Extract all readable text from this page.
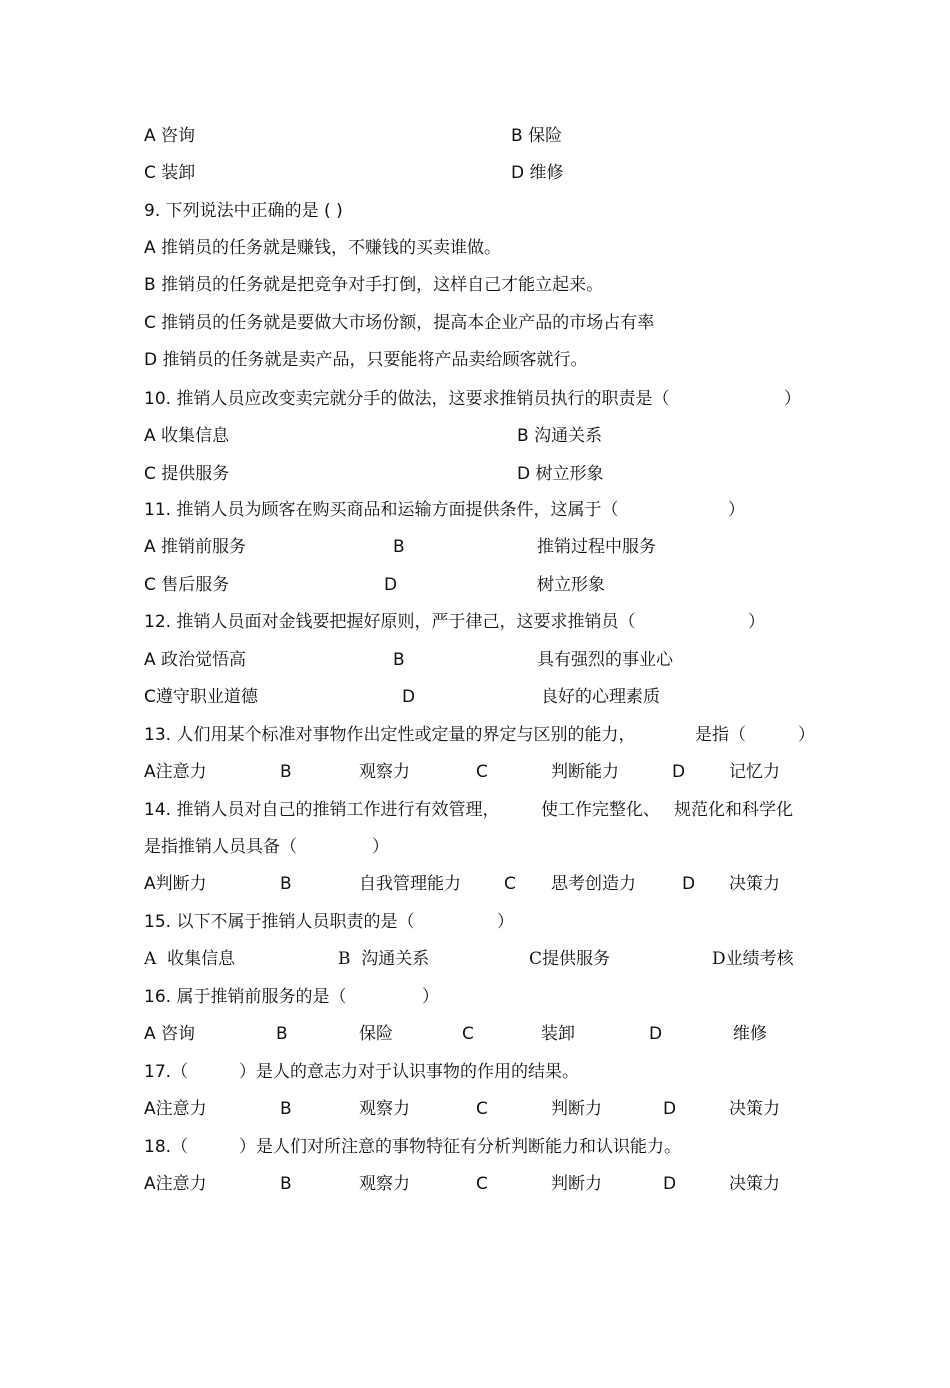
A 咨询

	B 保险

C 装卸

	D 维修

9. 下列说法中正确的是 ( )

A 推销员的任务就是赚钱，不赚钱的买卖谁做。

B 推销员的任务就是把竞争对手打倒，这样自己才能立起来。

C 推销员的任务就是要做大市场份额，提高本企业产品的市场占有率

D 推销员的任务就是卖产品，只要能将产品卖给顾客就行。

10. 推销人员应改变卖完就分手的做法，这要求推销员执行的职责是（

	）

A 收集信息

	B 沟通关系

C 提供服务

	D 树立形象

11. 推销人员为顾客在购买商品和运输方面提供条件，这属于（

	）

A 推销前服务

	B

	推销过程中服务

C 售后服务

	D

	树立形象

12. 推销人员面对金钱要把握好原则，严于律己，这要求推销员（

	）

A 政治觉悟高

	B

	具有强烈的事业心

C遵守职业道德

	D

	良好的心理素质

13. 人们用某个标准对事物作出定性或定量的界定与区别的能力，

	是指（

	）

A注意力

	B

	观察力

	C

	判断能力

	D

	记忆力

14. 推销人员对自己的推销工作进行有效管理，

使工作完整化、

规范化和科学化

是指推销人员具备（

	）

A判断力

	B

	自我管理能力

	C

思考创造力

	D

决策力

15. 以下不属于推销人员职责的是（

	）

A  收集信息

	B  沟通关系

	C提供服务

	D业绩考核

16. 属于推销前服务的是（

	）

A 咨询

	B

	保险

	C

	装卸

	D

	维修

17.（

	）是人的意志力对于认识事物的作用的结果。

A注意力

	B

	观察力

	C

	判断力

	D

	决策力

18.（

	）是人们对所注意的事物特征有分析判断能力和认识能力。

A注意力

	B

	观察力

	C

	判断力

	D

	决策力
